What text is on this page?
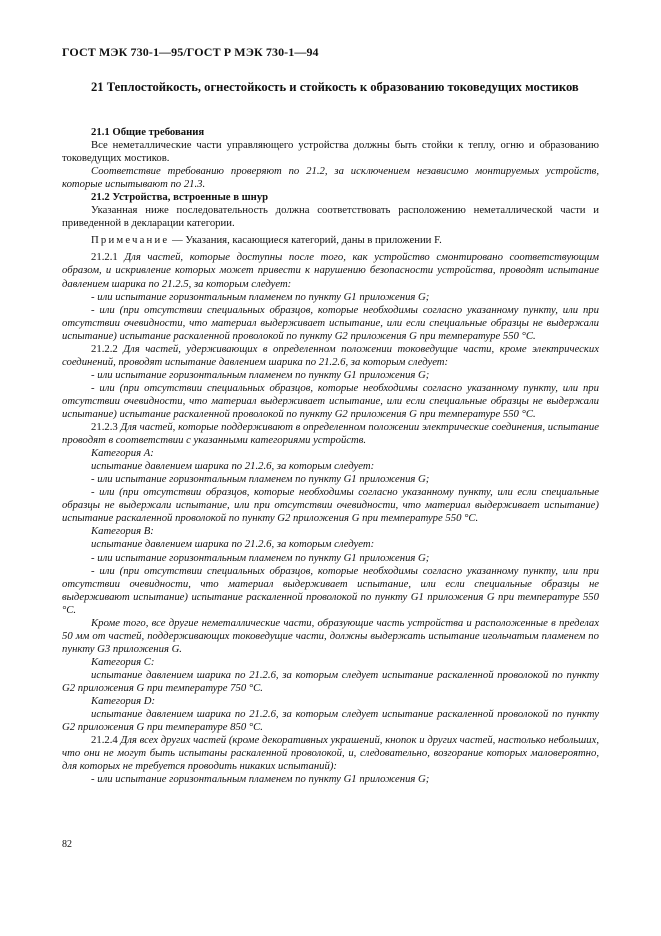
ГОСТ МЭК 730-1—95/ГОСТ Р МЭК 730-1—94
21 Теплостойкость, огнестойкость и стойкость к образованию токоведущих мостиков

21.1 Общие требования

Все неметаллические части управляющего устройства должны быть стойки к теплу, огню и образованию токоведущих мостиков.

Соответствие требованию проверяют по 21.2, за исключением независимо монтируемых устройств, которые испытывают по 21.3.

21.2 Устройства, встроенные в шнур

Указанная ниже последовательность должна соответствовать расположению неметаллической части и приведенной в декларации категории.

Примечание — Указания, касающиеся категорий, даны в приложении F.

21.2.1 Для частей, которые доступны после того, как устройство смонтировано соответствующим образом, и искривление которых может привести к нарушению безопасности устройства, проводят испытание давлением шарика по 21.2.5, за которым следует:

- или испытание горизонтальным пламенем по пункту G1 приложения G;

- или (при отсутствии специальных образцов, которые необходимы согласно указанному пункту, или при отсутствии очевидности, что материал выдерживает испытание, или если специальные образцы не выдержали испытание) испытание раскаленной проволокой по пункту G2 приложения G при температуре 550 °С.

21.2.2 Для частей, удерживающих в определенном положении токоведущие части, кроме электрических соединений, проводят испытание давлением шарика по 21.2.6, за которым следует:

- или испытание горизонтальным пламенем по пункту G1 приложения G;

- или (при отсутствии специальных образцов, которые необходимы согласно указанному пункту, или при отсутствии очевидности, что материал выдерживает испытание, или если специальные образцы не выдержали испытание) испытание раскаленной проволокой по пункту G2 приложения G при температуре 550 °С.

21.2.3 Для частей, которые поддерживают в определенном положении электрические соединения, испытание проводят в соответствии с указанными категориями устройств.

Категория А:

испытание давлением шарика по 21.2.6, за которым следует:

- или испытание горизонтальным пламенем по пункту G1 приложения G;

- или (при отсутствии образцов, которые необходимы согласно указанному пункту, или если специальные образцы не выдержали испытание, или при отсутствии очевидности, что материал выдерживает испытание) испытание раскаленной проволокой по пункту G2 приложения G при температуре 550 °С.

Категория В:

испытание давлением шарика по 21.2.6, за которым следует:

- или испытание горизонтальным пламенем по пункту G1 приложения G;

- или (при отсутствии специальных образцов, которые необходимы согласно указанному пункту, или при отсутствии очевидности, что материал выдерживает испытание, или если специальные образцы не выдерживают испытание) испытание раскаленной проволокой по пункту G1 приложения G при температуре 550 °С.

Кроме того, все другие неметаллические части, образующие часть устройства и расположенные в пределах 50 мм от частей, поддерживающих токоведущие части, должны выдержать испытание игольчатым пламенем по пункту G3 приложения G.

Категория С:

испытание давлением шарика по 21.2.6, за которым следует испытание раскаленной проволокой по пункту G2 приложения G при температуре 750 °С.

Категория D:

испытание давлением шарика по 21.2.6, за которым следует испытание раскаленной проволокой по пункту G2 приложения G при температуре 850 °С.

21.2.4 Для всех других частей (кроме декоративных украшений, кнопок и других частей, настолько небольших, что они не могут быть испытаны раскаленной проволокой, и, следовательно, возгорание которых маловероятно, для которых не требуется проводить никаких испытаний):

- или испытание горизонтальным пламенем по пункту G1 приложения G;

82
